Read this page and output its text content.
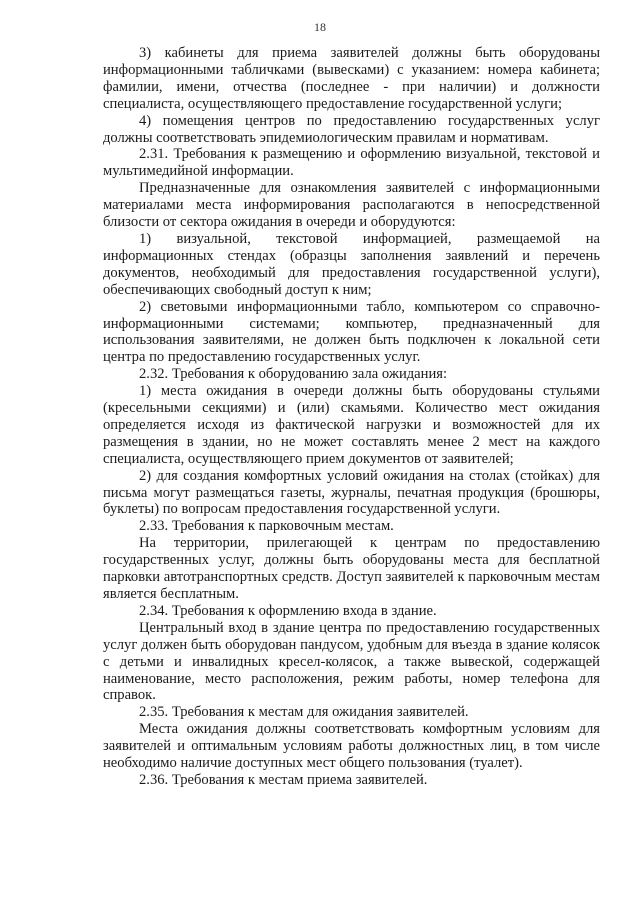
18

3) кабинеты для приема заявителей должны быть оборудованы информационными табличками (вывесками) с указанием: номера кабинета; фамилии, имени, отчества (последнее - при наличии) и должности специалиста, осуществляющего предоставление государственной услуги;

4) помещения центров по предоставлению государственных услуг должны соответствовать эпидемиологическим правилам и нормативам.

2.31. Требования к размещению и оформлению визуальной, текстовой и мультимедийной информации.

Предназначенные для ознакомления заявителей с информационными материалами места информирования располагаются в непосредственной близости от сектора ожидания в очереди и оборудуются:

1) визуальной, текстовой информацией, размещаемой на информационных стендах (образцы заполнения заявлений и перечень документов, необходимый для предоставления государственной услуги), обеспечивающих свободный доступ к ним;

2) световыми информационными табло, компьютером со справочно-информационными системами; компьютер, предназначенный для использования заявителями, не должен быть подключен к локальной сети центра по предоставлению государственных услуг.

2.32. Требования к оборудованию зала ожидания:

1) места ожидания в очереди должны быть оборудованы стульями (кресельными секциями) и (или) скамьями. Количество мест ожидания определяется исходя из фактической нагрузки и возможностей для их размещения в здании, но не может составлять менее 2 мест на каждого специалиста, осуществляющего прием документов от заявителей;

2) для создания комфортных условий ожидания на столах (стойках) для письма могут размещаться газеты, журналы, печатная продукция (брошюры, буклеты) по вопросам предоставления государственной услуги.

2.33. Требования к парковочным местам.

На территории, прилегающей к центрам по предоставлению государственных услуг, должны быть оборудованы места для бесплатной парковки автотранспортных средств. Доступ заявителей к парковочным местам является бесплатным.

2.34. Требования к оформлению входа в здание.

Центральный вход в здание центра по предоставлению государственных услуг должен быть оборудован пандусом, удобным для въезда в здание колясок с детьми и инвалидных кресел-колясок, а также вывеской, содержащей наименование, место расположения, режим работы, номер телефона для справок.

2.35. Требования к местам для ожидания заявителей.

Места ожидания должны соответствовать комфортным условиям для заявителей и оптимальным условиям работы должностных лиц, в том числе необходимо наличие доступных мест общего пользования (туалет).

2.36. Требования к местам приема заявителей.
